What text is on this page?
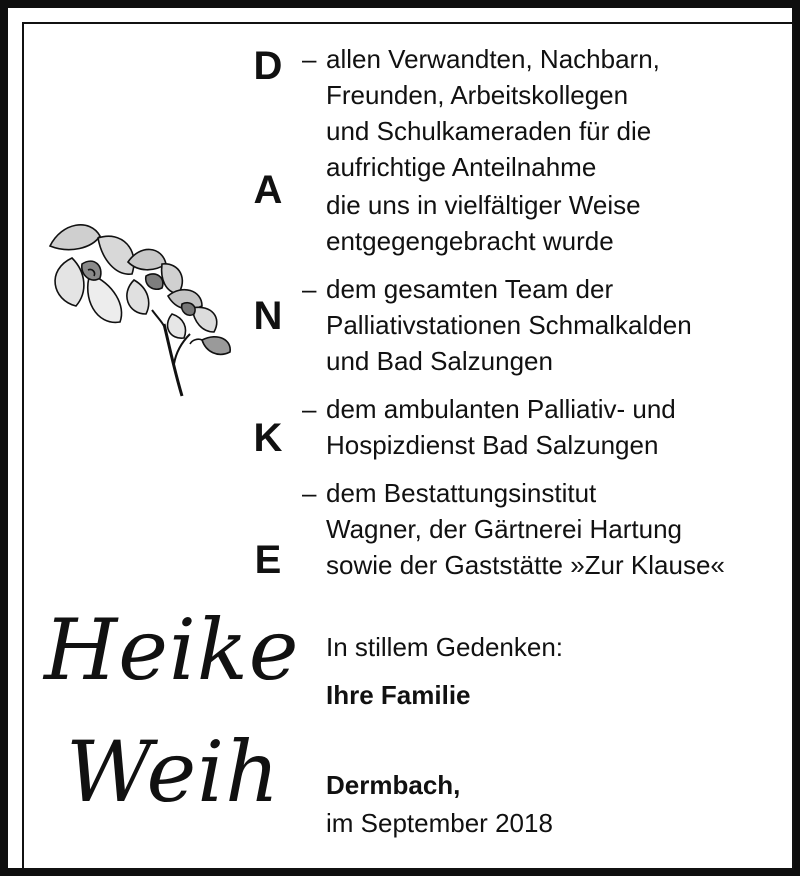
D
A
N
K
E
– allen Verwandten, Nachbarn,
Freunden, Arbeitskollegen
und Schulkameraden für die
aufrichtige Anteilnahme
die uns in vielfältiger Weise
entgegengebracht wurde
– dem gesamten Team der
Palliativstationen Schmalkalden
und Bad Salzungen
– dem ambulanten Palliativ- und
Hospizdienst Bad Salzungen
– dem Bestattungsinstitut
Wagner, der Gärtnerei Hartung
sowie der Gaststätte »Zur Klause«
Heike
Weih
In stillem Gedenken:
Ihre Familie
Dermbach,
im September 2018
